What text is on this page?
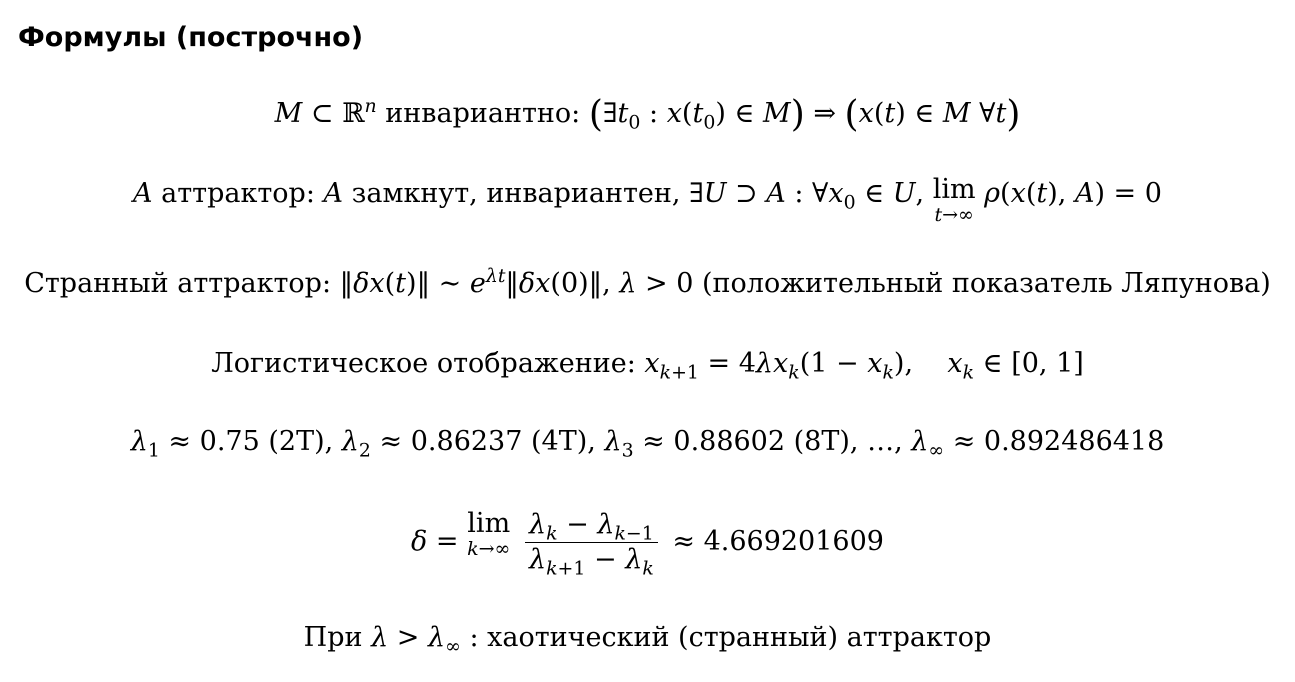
Формулы (построчно)
M ⊂ ℝ$^n$ инвариантно: ($\exists t_0$ : $x(t_0)$ ∈ M) ⇒ (x(t) ∈ M ∀t)
A аттрактор: A замкнут, инвариантен, ∃U ⊃ A : $\forall x_0$ ∈ U, lim
t→∞
ρ(x(t), A) = 0
Странный аттрактор: ‖δx(t)‖ ∼ $e^{\lambda t}‖\delta x(0)‖$, λ > 0 (положительный показатель Ляпунова)
Логистическое отображение: $x_{k+1} = 4\lambda x_k(1 - x_k)$,    $x_k$ ∈ [0, 1]
$\lambda_1 \approx 0.75$ (2T), $\lambda_2 \approx 0.86237$ (4T), $\lambda_3 \approx 0.88602$ (8T), …, $\lambda_\infty \approx 0.892486418$
δ =
lim
k→∞
$\frac{\lambda_k - \lambda_{k-1}}{\lambda_{k+1} - \lambda_k} \approx 4.669201609$
При $\lambda > \lambda_\infty$ : хаотический (странный) аттрактор
